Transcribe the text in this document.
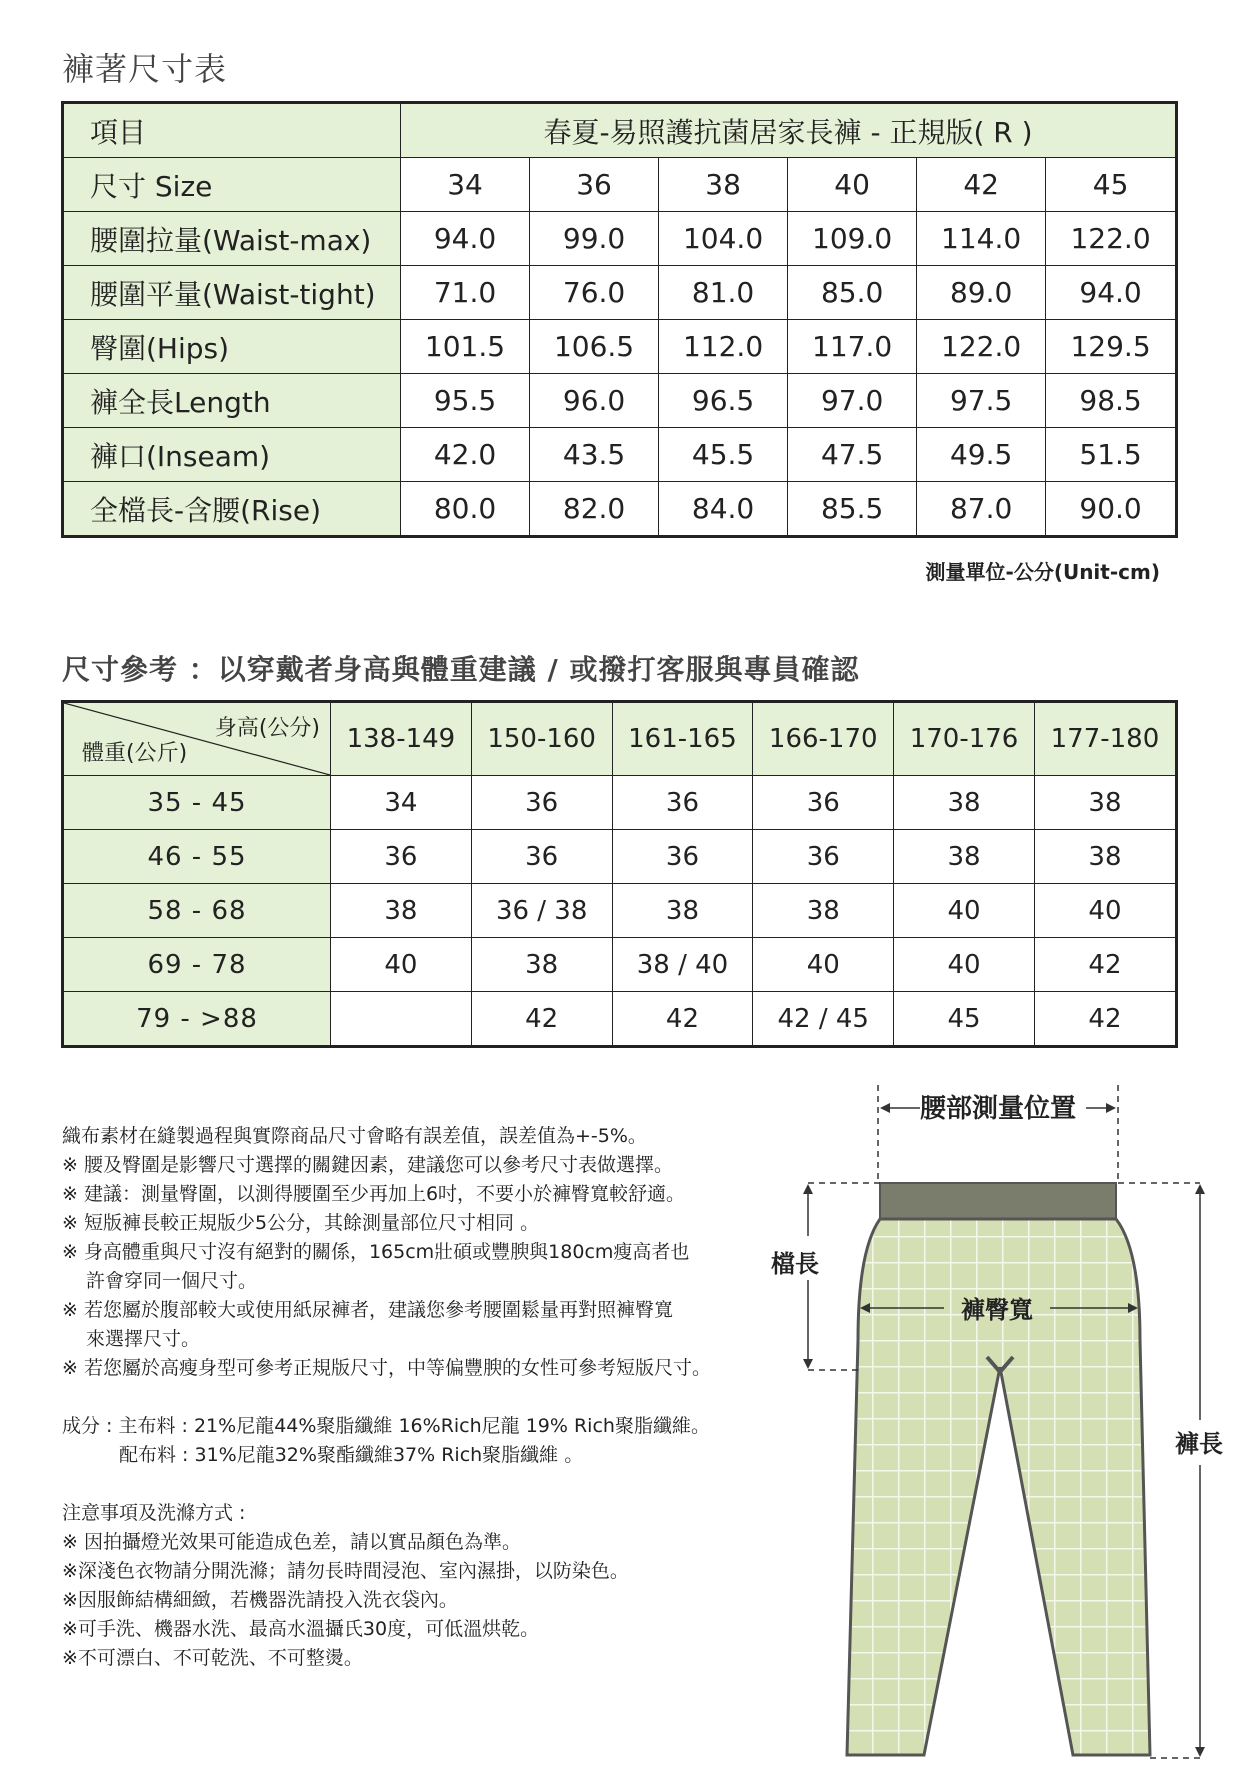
褲著尺寸表
項目	春夏-易照護抗菌居家長褲 - 正規版( R )					
尺寸 Size	34	36	38	40	42	45
腰圍拉量(Waist-max)	94.0	99.0	104.0	109.0	114.0	122.0
腰圍平量(Waist-tight)	71.0	76.0	81.0	85.0	89.0	94.0
臀圍(Hips)	101.5	106.5	112.0	117.0	122.0	129.5
褲全長Length	95.5	96.0	96.5	97.0	97.5	98.5
褲口(Inseam)	42.0	43.5	45.5	47.5	49.5	51.5
全檔長-含腰(Rise)	80.0	82.0	84.0	85.5	87.0	90.0
測量單位-公分(Unit-cm)
尺寸參考 ：以穿戴者身高與體重建議 / 或撥打客服與專員確認
身高(公分)
體重(公斤)	138-149	150-160	161-165	166-170	170-176	177-180
35 - 45	34	36	36	36	38	38
46 - 55	36	36	36	36	38	38
58 - 68	38	36 / 38	38	38	40	40
69 - 78	40	38	38 / 40	40	40	42
79 - >88		42	42	42 / 45	45	42

織布素材在縫製過程與實際商品尺寸會略有誤差值，誤差值為+-5%。

※ 腰及臀圍是影響尺寸選擇的關鍵因素，建議您可以參考尺寸表做選擇。

※ 建議：測量臀圍，以測得腰圍至少再加上6吋，不要小於褲臀寬較舒適。

※ 短版褲長較正規版少5公分，其餘測量部位尺寸相同 。

※ 身高體重與尺寸沒有絕對的關係，165cm壯碩或豐腴與180cm瘦高者也

許會穿同一個尺寸。

※ 若您屬於腹部較大或使用紙尿褲者，建議您參考腰圍鬆量再對照褲臀寬

來選擇尺寸。

※ 若您屬於高瘦身型可參考正規版尺寸，中等偏豐腴的女性可參考短版尺寸。

成分 : 主布料 : 21%尼龍44%聚脂纖維 16%Rich尼龍 19% Rich聚脂纖維。

配布料 : 31%尼龍32%聚酯纖維37% Rich聚脂纖維 。

注意事項及洗滌方式 :

※ 因拍攝燈光效果可能造成色差，請以實品顏色為準。

※深淺色衣物請分開洗滌；請勿長時間浸泡、室內濕掛，以防染色。

※因服飾結構細緻，若機器洗請投入洗衣袋內。

※可手洗、機器水洗、最高水溫攝氏30度，可低溫烘乾。

※不可漂白、不可乾洗、不可整燙。

腰部測量位置
檔長
褲臀寬
褲長
